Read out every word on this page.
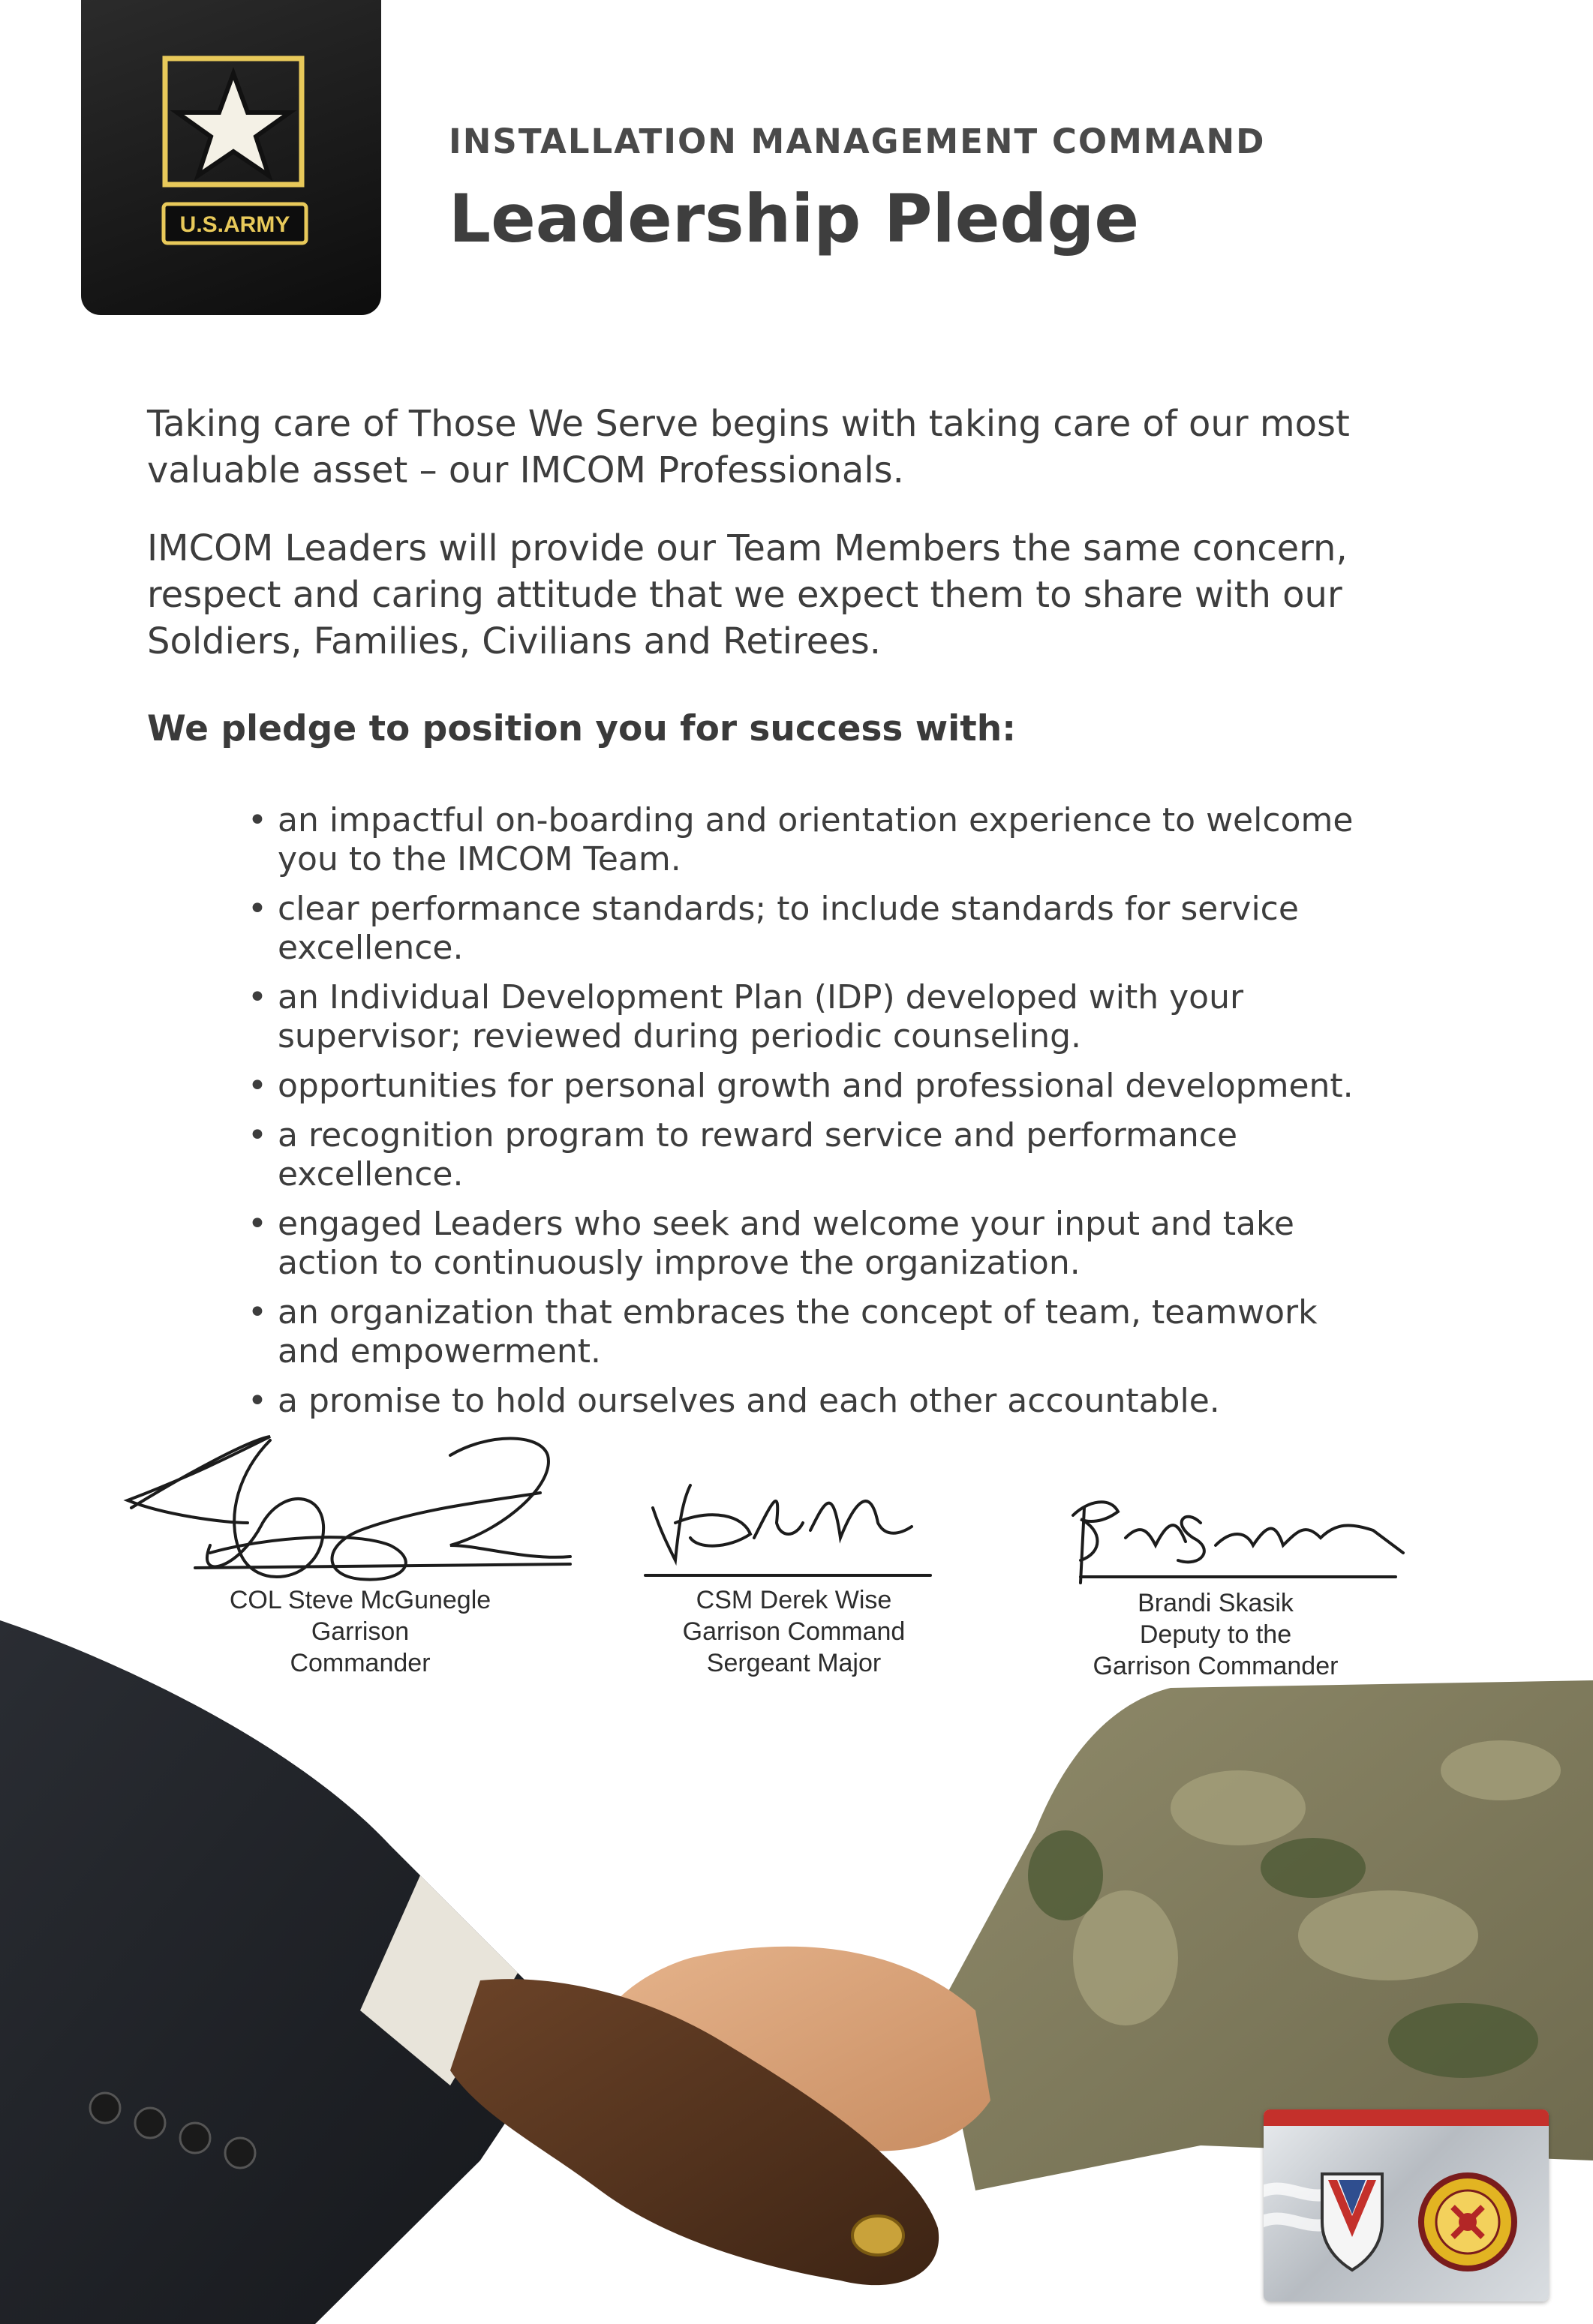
U.S.ARMY
INSTALLATION MANAGEMENT COMMAND
Leadership Pledge
Taking care of Those We Serve begins with taking care of our most
valuable asset – our IMCOM Professionals.
IMCOM Leaders will provide our Team Members the same concern,
respect and caring attitude that we expect them to share with our
Soldiers, Families, Civilians and Retirees.
We pledge to position you for success with:
• an impactful on-boarding and orientation experience to welcome
you to the IMCOM Team.
• clear performance standards; to include standards for service
excellence.
• an Individual Development Plan (IDP) developed with your
supervisor; reviewed during periodic counseling.
• opportunities for personal growth and professional development.
• a recognition program to reward service and performance
excellence.
• engaged Leaders who seek and welcome your input and take
action to continuously improve the organization.
• an organization that embraces the concept of team, teamwork
and empowerment.
• a promise to hold ourselves and each other accountable.
COL Steve McGunegle
Garrison
Commander
CSM Derek Wise
Garrison Command
Sergeant Major
Brandi Skasik
Deputy to the
Garrison Commander
